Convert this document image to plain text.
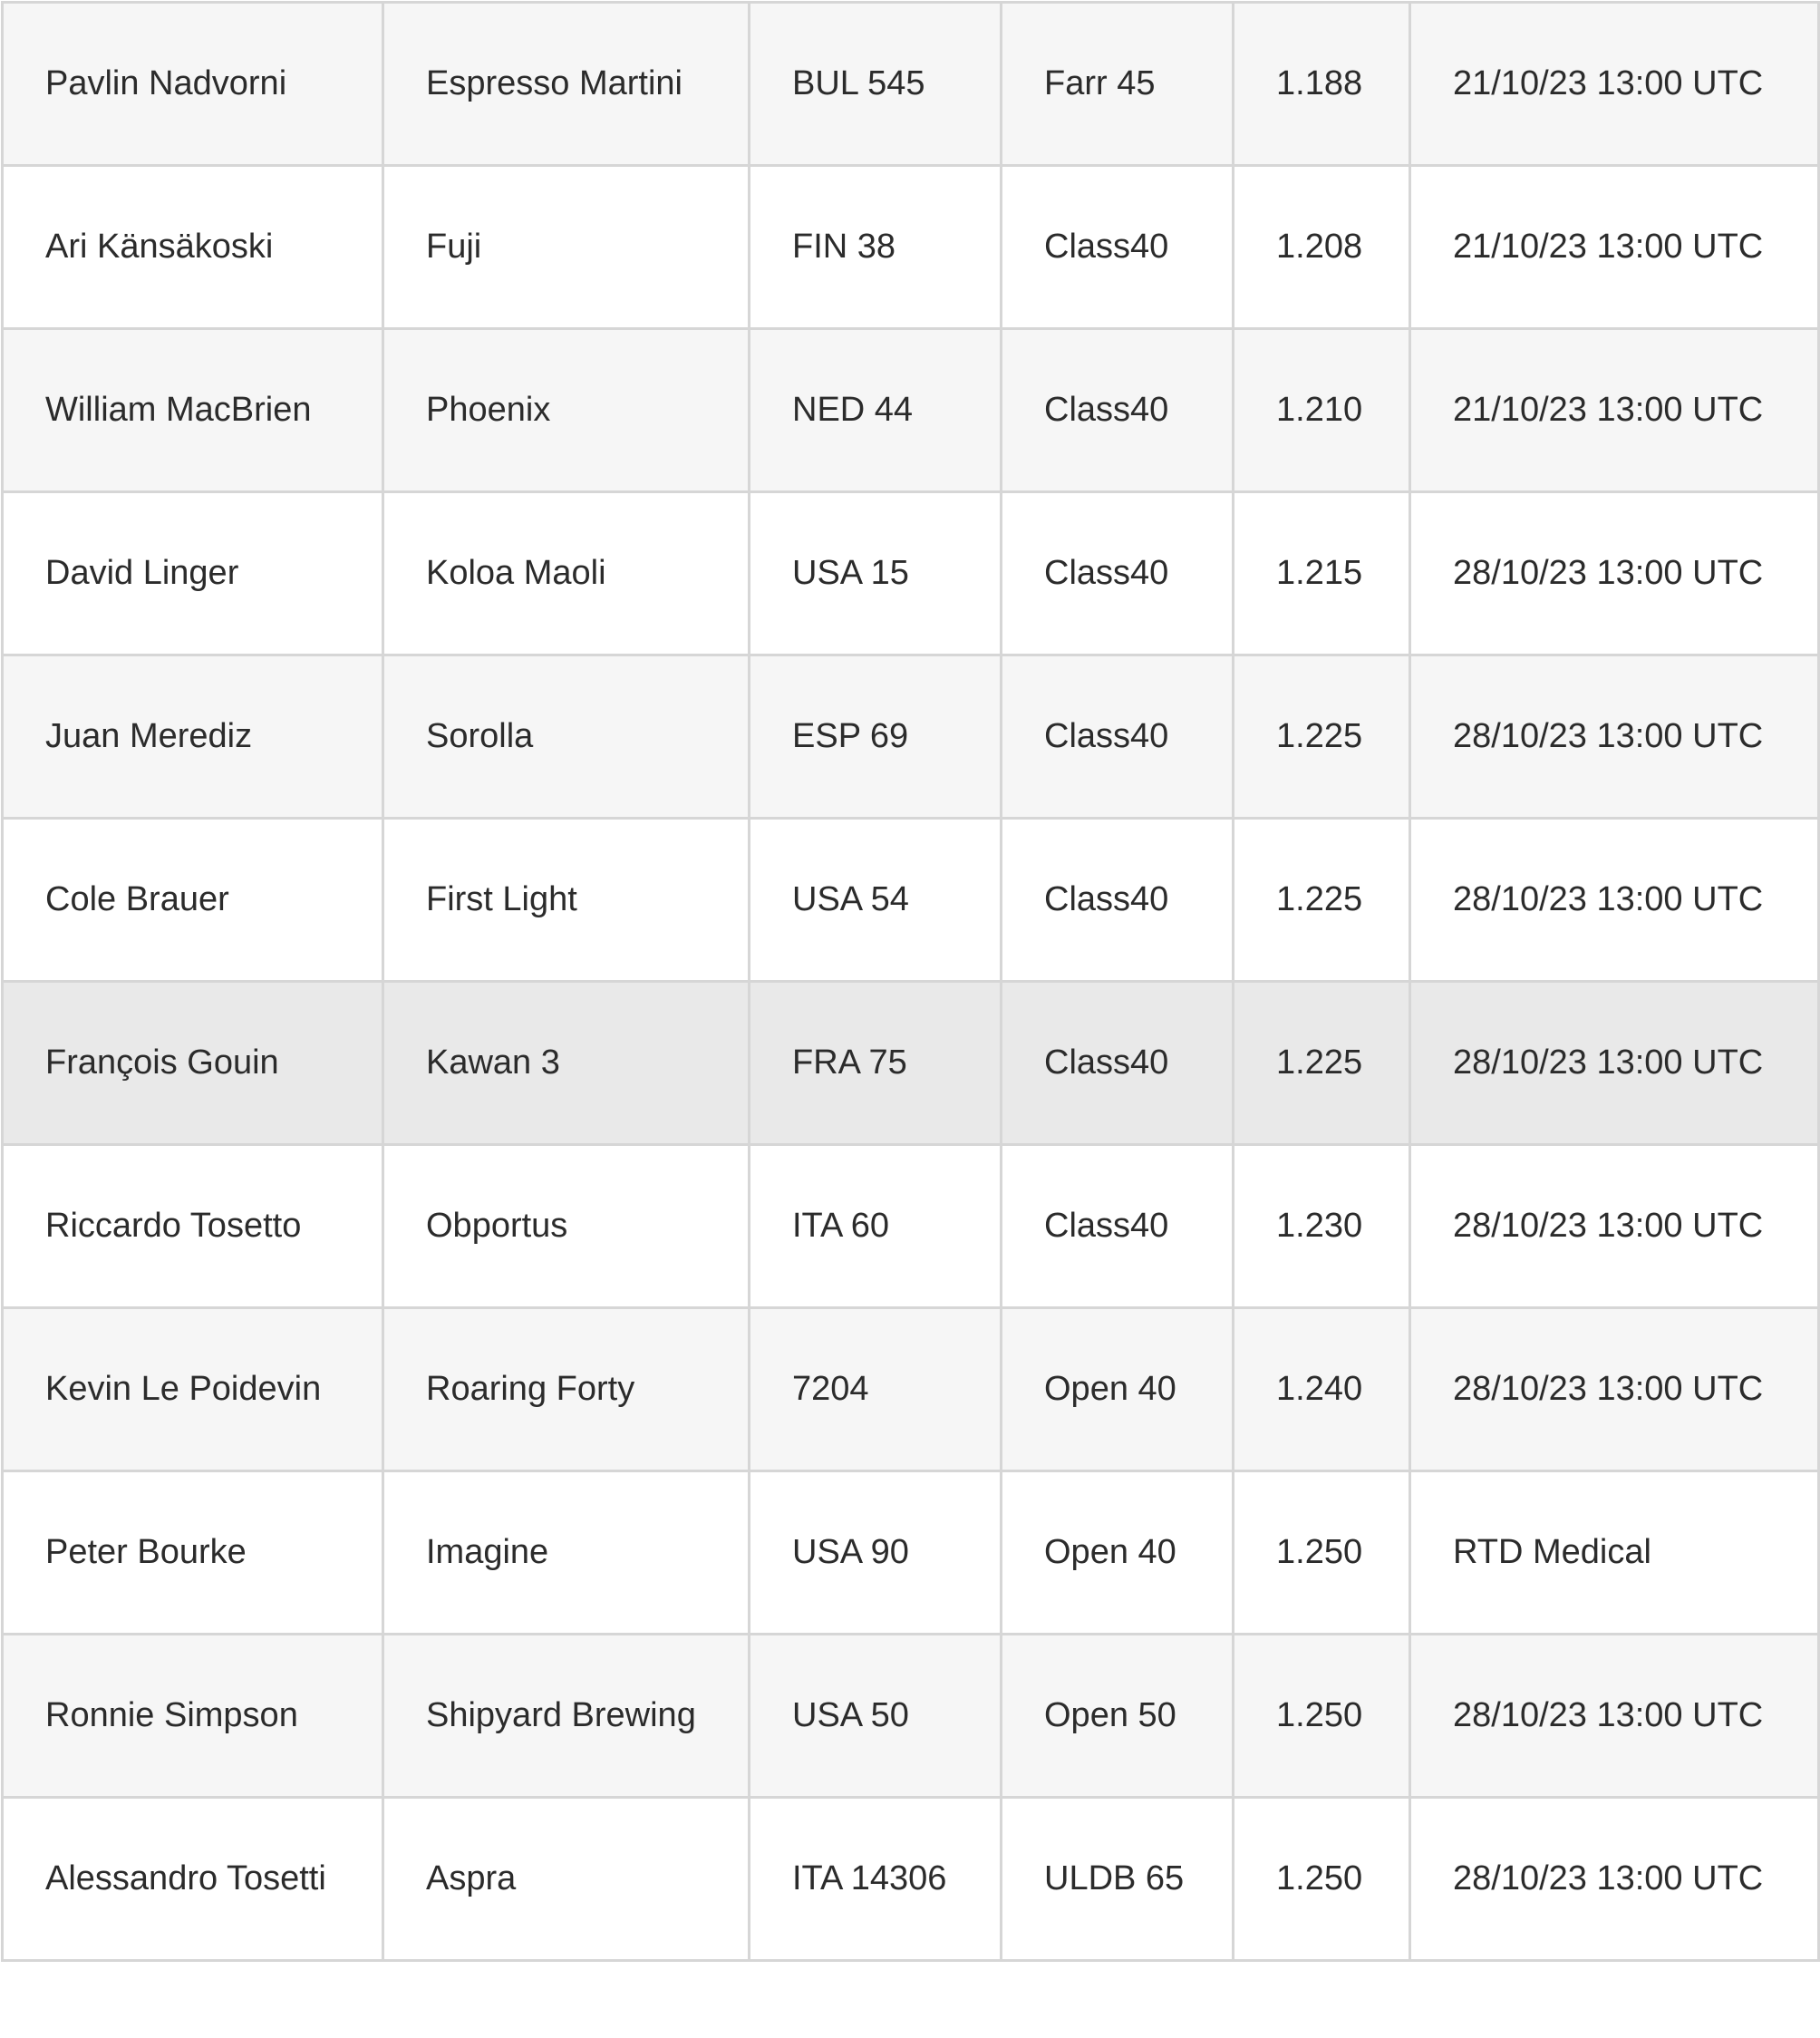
Pavlin Nadvorni	Espresso Martini	BUL 545	Farr 45	1.188	21/10/23 13:00 UTC
Ari Känsäkoski	Fuji	FIN 38	Class40	1.208	21/10/23 13:00 UTC
William MacBrien	Phoenix	NED 44	Class40	1.210	21/10/23 13:00 UTC
David Linger	Koloa Maoli	USA 15	Class40	1.215	28/10/23 13:00 UTC
Juan Merediz	Sorolla	ESP 69	Class40	1.225	28/10/23 13:00 UTC
Cole Brauer	First Light	USA 54	Class40	1.225	28/10/23 13:00 UTC
François Gouin	Kawan 3	FRA 75	Class40	1.225	28/10/23 13:00 UTC
Riccardo Tosetto	Obportus	ITA 60	Class40	1.230	28/10/23 13:00 UTC
Kevin Le Poidevin	Roaring Forty	7204	Open 40	1.240	28/10/23 13:00 UTC
Peter Bourke	Imagine	USA 90	Open 40	1.250	RTD Medical
Ronnie Simpson	Shipyard Brewing	USA 50	Open 50	1.250	28/10/23 13:00 UTC
Alessandro Tosetti	Aspra	ITA 14306	ULDB 65	1.250	28/10/23 13:00 UTC
